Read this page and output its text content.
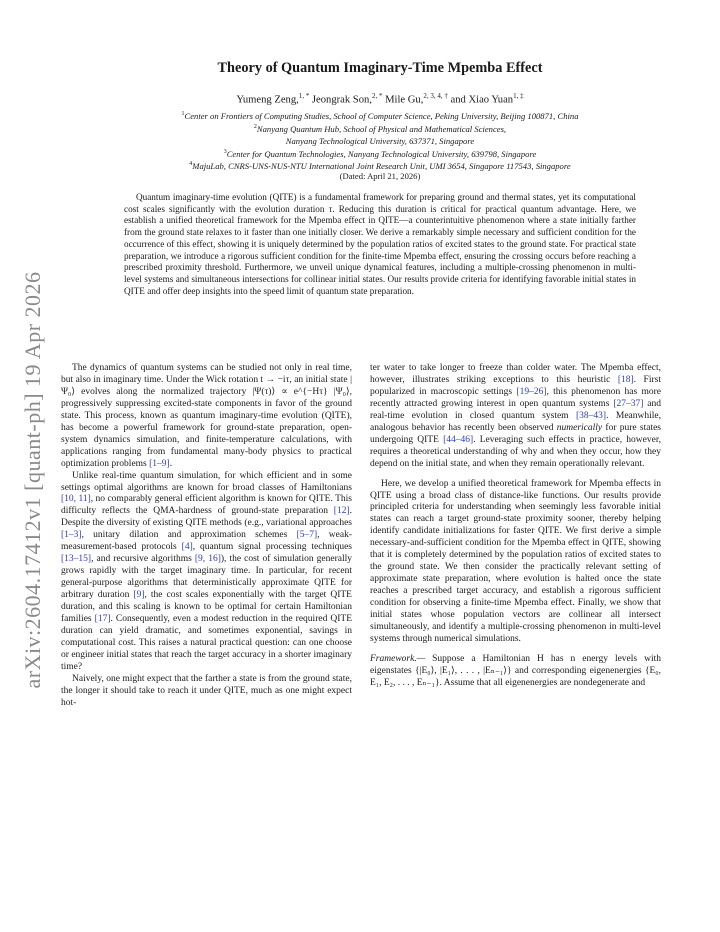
arXiv:2604.17412v1 [quant-ph] 19 Apr 2026
Theory of Quantum Imaginary-Time Mpemba Effect
Yumeng Zeng,$^{1, *}$ Jeongrak Son,$^{2, *}$ Mile Gu,$^{2, 3, 4, \dagger}$ and Xiao Yuan$^{1, \ddagger}$
$^1$Center on Frontiers of Computing Studies, School of Computer Science, Peking University, Beijing 100871, China
$^2$Nanyang Quantum Hub, School of Physical and Mathematical Sciences,
Nanyang Technological University, 637371, Singapore
$^3$Center for Quantum Technologies, Nanyang Technological University, 639798, Singapore
$^4$MajuLab, CNRS-UNS-NUS-NTU International Joint Research Unit, UMI 3654, Singapore 117543, Singapore
(Dated: April 21, 2026)

Quantum imaginary-time evolution (QITE) is a fundamental framework for preparing ground and thermal states, yet its computational cost scales significantly with the evolution duration τ. Reducing this duration is critical for practical quantum advantage. Here, we establish a unified theoretical framework for the Mpemba effect in QITE—a counterintuitive phenomenon where a state initially farther from the ground state relaxes to it faster than one initially closer. We derive a remarkably simple necessary and sufficient condition for the occurrence of this effect, showing it is uniquely determined by the population ratios of excited states to the ground state. For practical state preparation, we introduce a rigorous sufficient condition for the finite-time Mpemba effect, ensuring the crossing occurs before reaching a prescribed proximity threshold. Furthermore, we unveil unique dynamical features, including a multiple-crossing phenomenon in multi-level systems and simultaneous intersections for collinear initial states. Our results provide criteria for identifying favorable initial states in QITE and offer deep insights into the speed limit of quantum state preparation.

The dynamics of quantum systems can be studied not only in real time, but also in imaginary time. Under the Wick rotation t → −iτ, an initial state |Ψ₀⟩ evolves along the normalized trajectory |Ψ(τ)⟩ ∝ e^{−Hτ} |Ψ₀⟩, progressively suppressing excited-state components in favor of the ground state. This process, known as quantum imaginary-time evolution (QITE), has become a powerful framework for ground-state preparation, open-system dynamics simulation, and finite-temperature calculations, with applications ranging from fundamental many-body physics to practical optimization problems [1–9].

Unlike real-time quantum simulation, for which efficient and in some settings optimal algorithms are known for broad classes of Hamiltonians [10, 11], no comparably general efficient algorithm is known for QITE. This difficulty reflects the QMA-hardness of ground-state preparation [12]. Despite the diversity of existing QITE methods (e.g., variational approaches [1–3], unitary dilation and approximation schemes [5–7], weak-measurement-based protocols [4], quantum signal processing techniques [13–15], and recursive algorithms [9, 16]), the cost of simulation generally grows rapidly with the target imaginary time. In particular, for recent general-purpose algorithms that deterministically approximate QITE for arbitrary duration [9], the cost scales exponentially with the target QITE duration, and this scaling is known to be optimal for certain Hamiltonian families [17]. Consequently, even a modest reduction in the required QITE duration can yield dramatic, and sometimes exponential, savings in computational cost. This raises a natural practical question: can one choose or engineer initial states that reach the target accuracy in a shorter imaginary time?

Naively, one might expect that the farther a state is from the ground state, the longer it should take to reach it under QITE, much as one might expect hot-

ter water to take longer to freeze than colder water. The Mpemba effect, however, illustrates striking exceptions to this heuristic [18]. First popularized in macroscopic settings [19–26], this phenomenon has more recently attracted growing interest in open quantum systems [27–37] and real-time evolution in closed quantum system [38–43]. Meanwhile, analogous behavior has recently been observed numerically for pure states undergoing QITE [44–46]. Leveraging such effects in practice, however, requires a theoretical understanding of why and when they occur, how they depend on the initial state, and when they remain operationally relevant.

Here, we develop a unified theoretical framework for Mpemba effects in QITE using a broad class of distance-like functions. Our results provide principled criteria for understanding when seemingly less favorable initial states can reach a target ground-state proximity sooner, thereby helping identify candidate initializations for faster QITE. We first derive a simple necessary-and-sufficient condition for the Mpemba effect in QITE, showing that it is completely determined by the population ratios of excited states to the ground state. We then consider the practically relevant setting of approximate state preparation, where evolution is halted once the state reaches a prescribed target accuracy, and establish a rigorous sufficient condition for observing a finite-time Mpemba effect. Finally, we show that initial states whose population vectors are collinear all intersect simultaneously, and identify a multiple-crossing phenomenon in multi-level systems through numerical simulations.

Framework.— Suppose a Hamiltonian H has n energy levels with eigenstates {|E₀⟩, |E₁⟩, . . . , |Eₙ₋₁⟩} and corresponding eigenenergies {E₀, E₁, E₂, . . . , Eₙ₋₁}. Assume that all eigenenergies are nondegenerate and
